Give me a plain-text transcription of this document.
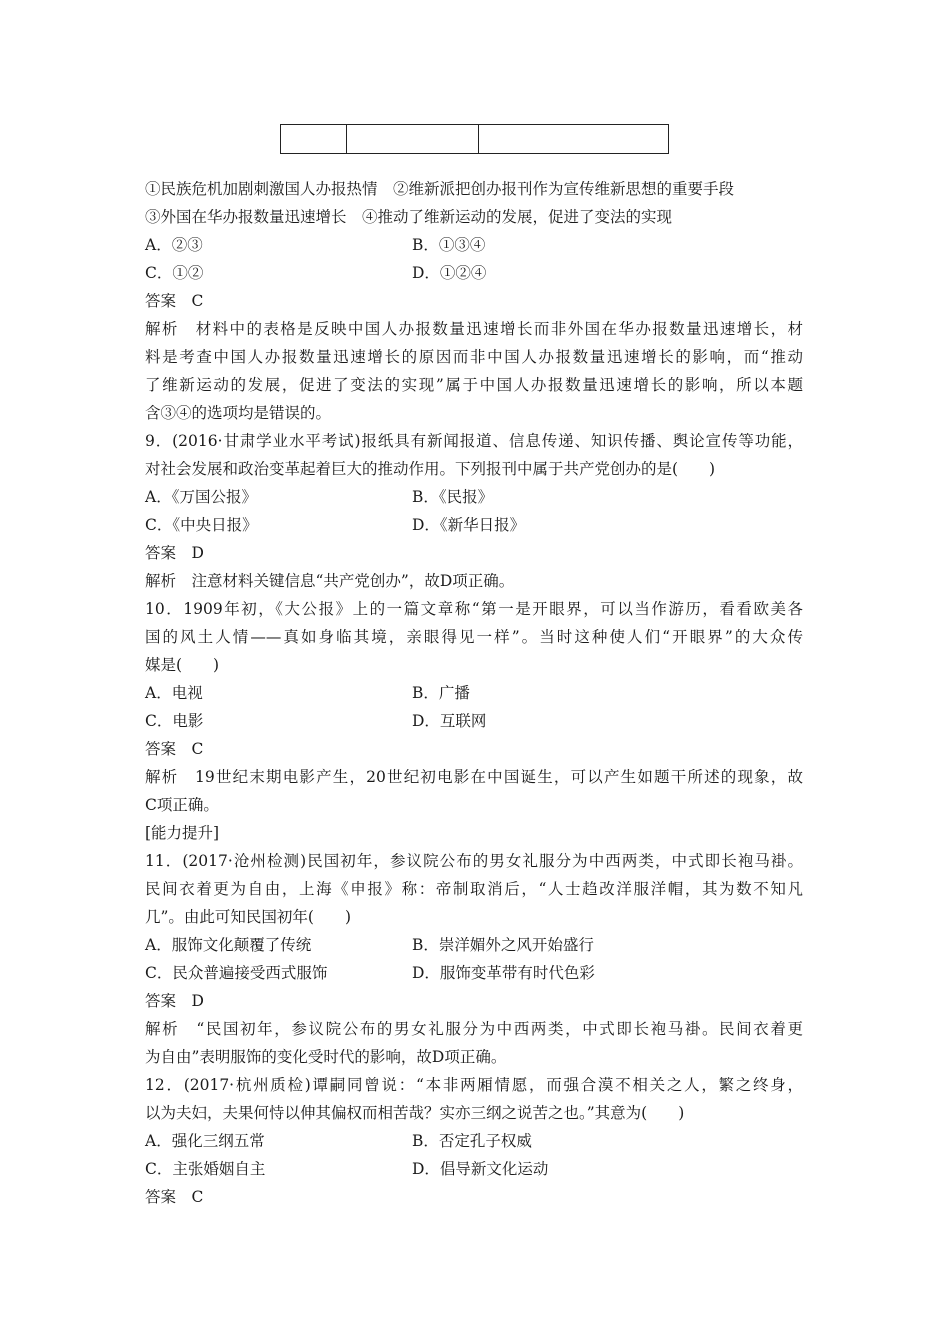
①民族危机加剧刺激国人办报热情　②维新派把创办报刊作为宣传维新思想的重要手段
③外国在华办报数量迅速增长　④推动了维新运动的发展，促进了变法的实现
A．②③	B．①③④
C．①②	D．①②④
答案　C
解析　材料中的表格是反映中国人办报数量迅速增长而非外国在华办报数量迅速增长，材
料是考查中国人办报数量迅速增长的原因而非中国人办报数量迅速增长的影响，而“推动
了维新运动的发展，促进了变法的实现”属于中国人办报数量迅速增长的影响，所以本题
含③④的选项均是错误的。
9．(2016·甘肃学业水平考试)报纸具有新闻报道、信息传递、知识传播、舆论宣传等功能，
对社会发展和政治变革起着巨大的推动作用。下列报刊中属于共产党创办的是(　　)
A．《万国公报》	B．《民报》
C．《中央日报》	D．《新华日报》
答案　D
解析　注意材料关键信息“共产党创办”，故D项正确。
10．1909年初，《大公报》上的一篇文章称“第一是开眼界，可以当作游历，看看欧美各
国的风土人情——真如身临其境，亲眼得见一样”。当时这种使人们“开眼界”的大众传
媒是(　　)
A．电视	B．广播
C．电影	D．互联网
答案　C
解析　19世纪末期电影产生，20世纪初电影在中国诞生，可以产生如题干所述的现象，故
C项正确。
[能力提升]
11．(2017·沧州检测)民国初年，参议院公布的男女礼服分为中西两类，中式即长袍马褂。
民间衣着更为自由，上海《申报》称：帝制取消后，“人士趋改洋服洋帽，其为数不知凡
几”。由此可知民国初年(　　)
A．服饰文化颠覆了传统	B．崇洋媚外之风开始盛行
C．民众普遍接受西式服饰	D．服饰变革带有时代色彩
答案　D
解析　“民国初年，参议院公布的男女礼服分为中西两类，中式即长袍马褂。民间衣着更
为自由”表明服饰的变化受时代的影响，故D项正确。
12．(2017·杭州质检)谭嗣同曾说：“本非两厢情愿，而强合漠不相关之人，繁之终身，
以为夫妇，夫果何恃以伸其偏权而相苦哉？实亦三纲之说苦之也。”其意为(　　)
A．强化三纲五常	B．否定孔子权威
C．主张婚姻自主	D．倡导新文化运动
答案　C
